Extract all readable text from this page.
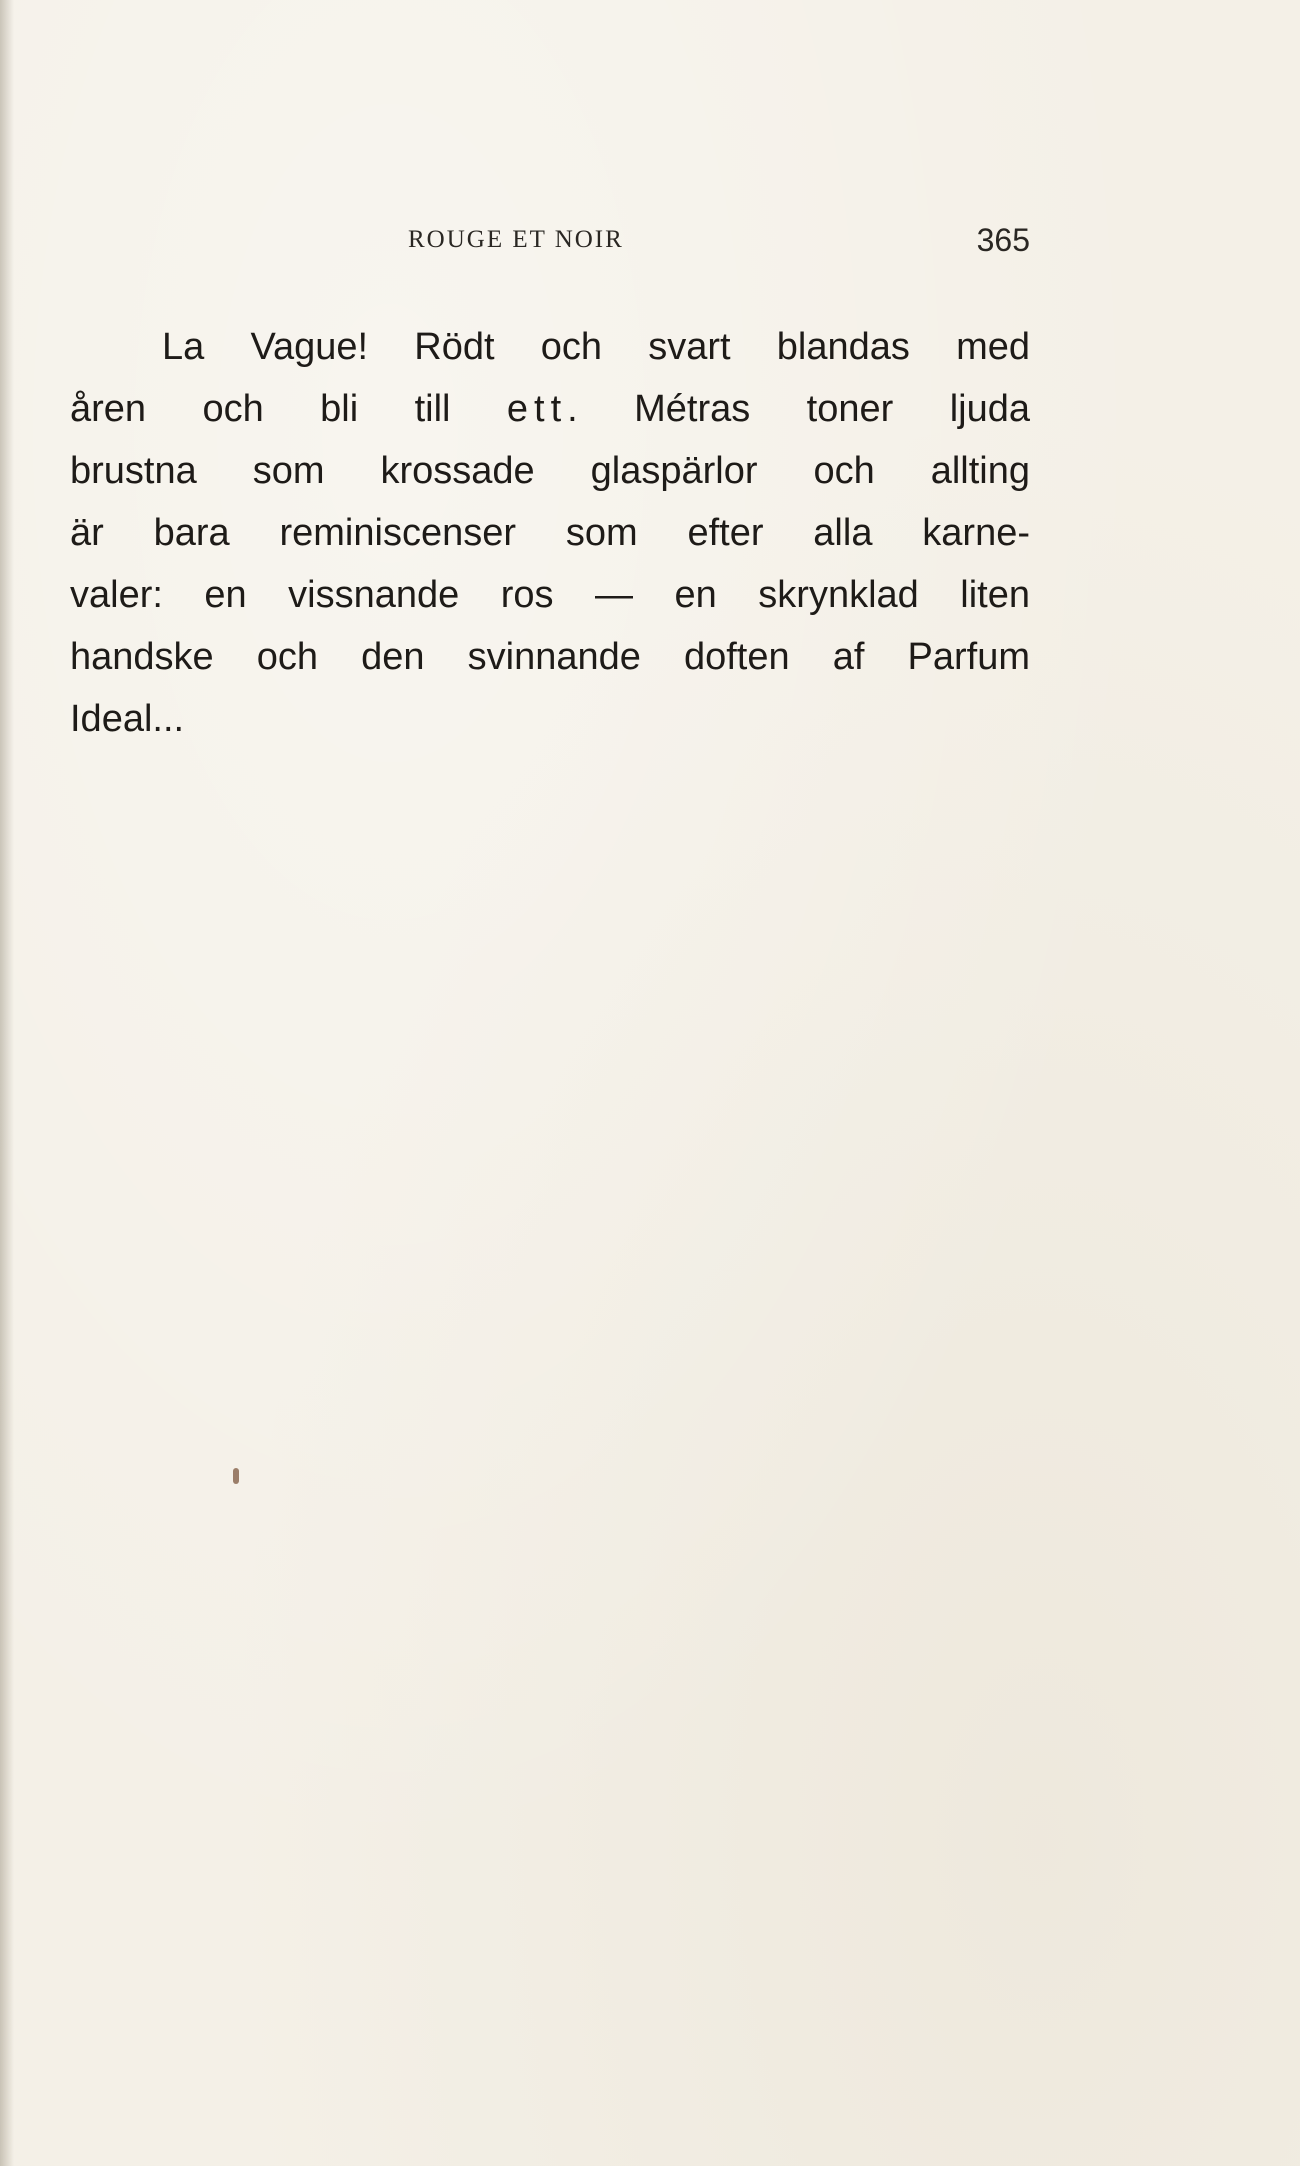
ROUGE ET NOIR	365
La Vague! Rödt och svart blandas med
åren och bli till ett. Métras toner ljuda
brustna som krossade glaspärlor och allting
är bara reminiscenser som efter alla karne-
valer: en vissnande ros — en skrynklad liten
handske och den svinnande doften af Parfum
Ideal...
